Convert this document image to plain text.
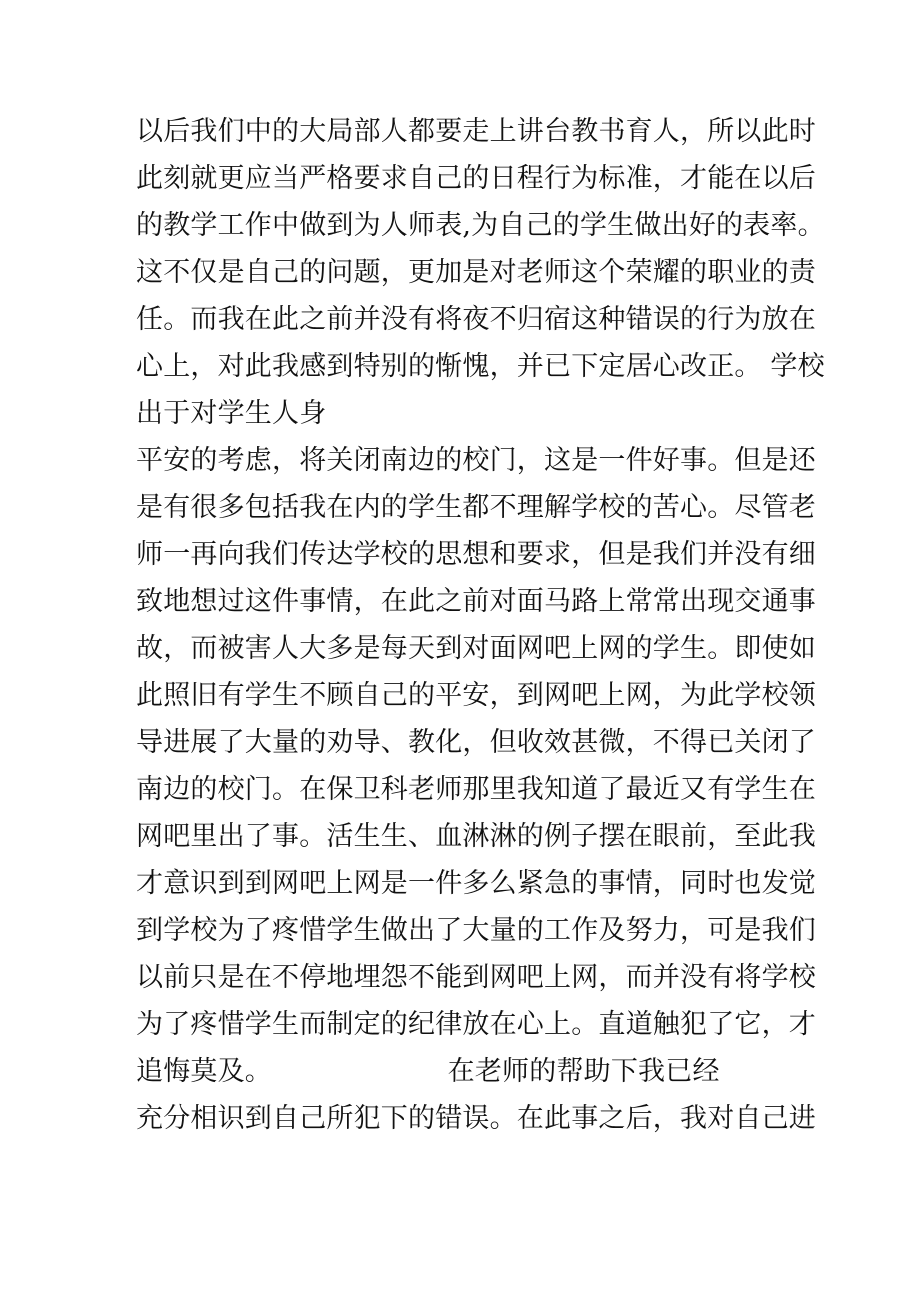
以后我们中的大局部人都要走上讲台教书育人，所以此时
此刻就更应当严格要求自己的日程行为标准，才能在以后
的教学工作中做到为人师表,为自己的学生做出好的表率。
这不仅是自己的问题，更加是对老师这个荣耀的职业的责
任。而我在此之前并没有将夜不归宿这种错误的行为放在
心上，对此我感到特别的惭愧，并已下定居心改正。 学校
出于对学生人身
平安的考虑，将关闭南边的校门，这是一件好事。但是还
是有很多包括我在内的学生都不理解学校的苦心。尽管老
师一再向我们传达学校的思想和要求，但是我们并没有细
致地想过这件事情，在此之前对面马路上常常出现交通事
故，而被害人大多是每天到对面网吧上网的学生。即使如
此照旧有学生不顾自己的平安，到网吧上网，为此学校领
导进展了大量的劝导、教化，但收效甚微，不得已关闭了
南边的校门。在保卫科老师那里我知道了最近又有学生在
网吧里出了事。活生生、血淋淋的例子摆在眼前，至此我
才意识到到网吧上网是一件多么紧急的事情，同时也发觉
到学校为了疼惜学生做出了大量的工作及努力，可是我们
以前只是在不停地埋怨不能到网吧上网，而并没有将学校
为了疼惜学生而制定的纪律放在心上。直道触犯了它，才
追悔莫及。                    在老师的帮助下我已经
充分相识到自己所犯下的错误。在此事之后，我对自己进
